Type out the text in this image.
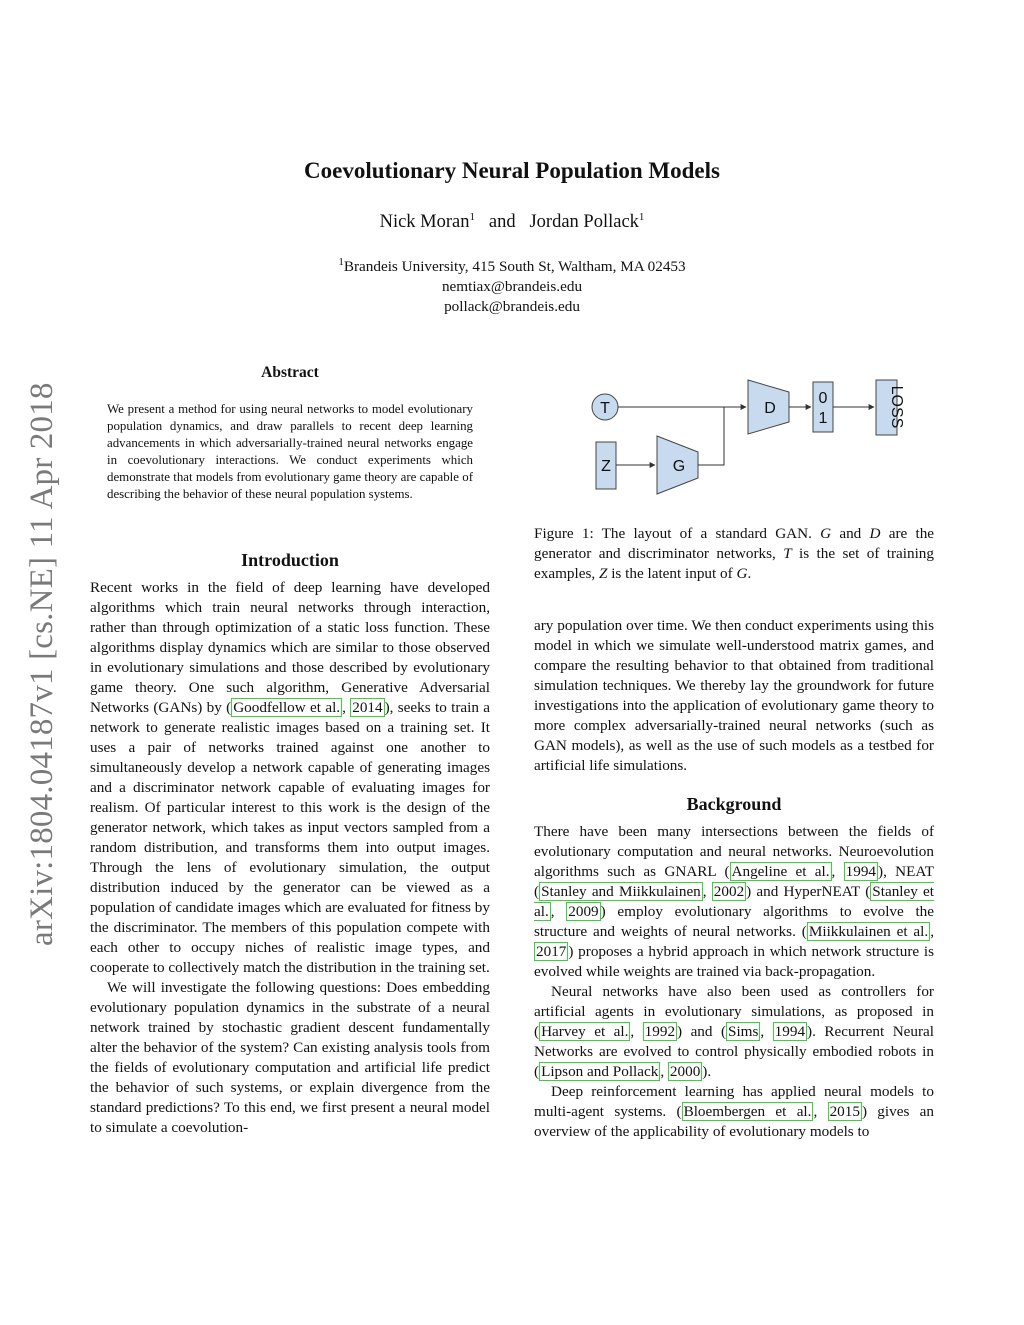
arXiv:1804.04187v1 [cs.NE] 11 Apr 2018
Coevolutionary Neural Population Models
Nick Moran$^1$ and Jordan Pollack$^1$
$^1$Brandeis University, 415 South St, Waltham, MA 02453
nemtiax@brandeis.edu
pollack@brandeis.edu
Abstract
We present a method for using neural networks to model evolutionary population dynamics, and draw parallels to recent deep learning advancements in which adversarially-trained neural networks engage in coevolutionary interactions. We conduct experiments which demonstrate that models from evolutionary game theory are capable of describing the behavior of these neural population systems.
Introduction

Recent works in the field of deep learning have developed algorithms which train neural networks through interaction, rather than through optimization of a static loss function. These algorithms display dynamics which are similar to those observed in evolutionary simulations and those described by evolutionary game theory. One such algorithm, Generative Adversarial Networks (GANs) by ( Goodfellow et al. , 2014 ), seeks to train a network to generate realistic images based on a training set. It uses a pair of networks trained against one another to simultaneously develop a network capable of generating images and a discriminator network capable of evaluating images for realism. Of particular interest to this work is the design of the generator network, which takes as input vectors sampled from a random distribution, and transforms them into output images. Through the lens of evolutionary simulation, the output distribution induced by the generator can be viewed as a population of candidate images which are evaluated for fitness by the discriminator. The members of this population compete with each other to occupy niches of realistic image types, and cooperate to collectively match the distribution in the training set.

We will investigate the following questions: Does embedding evolutionary population dynamics in the substrate of a neural network trained by stochastic gradient descent fundamentally alter the behavior of the system? Can existing analysis tools from the fields of evolutionary computation and artificial life predict the behavior of such systems, or explain divergence from the standard predictions? To this end, we first present a neural model to simulate a coevolution-

T
Z	G
D
0
1	LOSS
Figure 1: The layout of a standard GAN. G and D are the generator and discriminator networks, T is the set of training examples, Z is the latent input of G.

ary population over time. We then conduct experiments using this model in which we simulate well-understood matrix games, and compare the resulting behavior to that obtained from traditional simulation techniques. We thereby lay the groundwork for future investigations into the application of evolutionary game theory to more complex adversarially-trained neural networks (such as GAN models), as well as the use of such models as a testbed for artificial life simulations.

Background

There have been many intersections between the fields of evolutionary computation and neural networks. Neuroevolution algorithms such as GNARL ( Angeline et al. , 1994 ), NEAT ( Stanley and Miikkulainen , 2002 ) and HyperNEAT ( Stanley et al. , 2009 ) employ evolutionary algorithms to evolve the structure and weights of neural networks. ( Miikkulainen et al. , 2017 ) proposes a hybrid approach in which network structure is evolved while weights are trained via back-propagation.

Neural networks have also been used as controllers for artificial agents in evolutionary simulations, as proposed in ( Harvey et al. , 1992 ) and ( Sims , 1994 ). Recurrent Neural Networks are evolved to control physically embodied robots in ( Lipson and Pollack , 2000 ).

Deep reinforcement learning has applied neural models to multi-agent systems. ( Bloembergen et al. , 2015 ) gives an overview of the applicability of evolutionary models to
